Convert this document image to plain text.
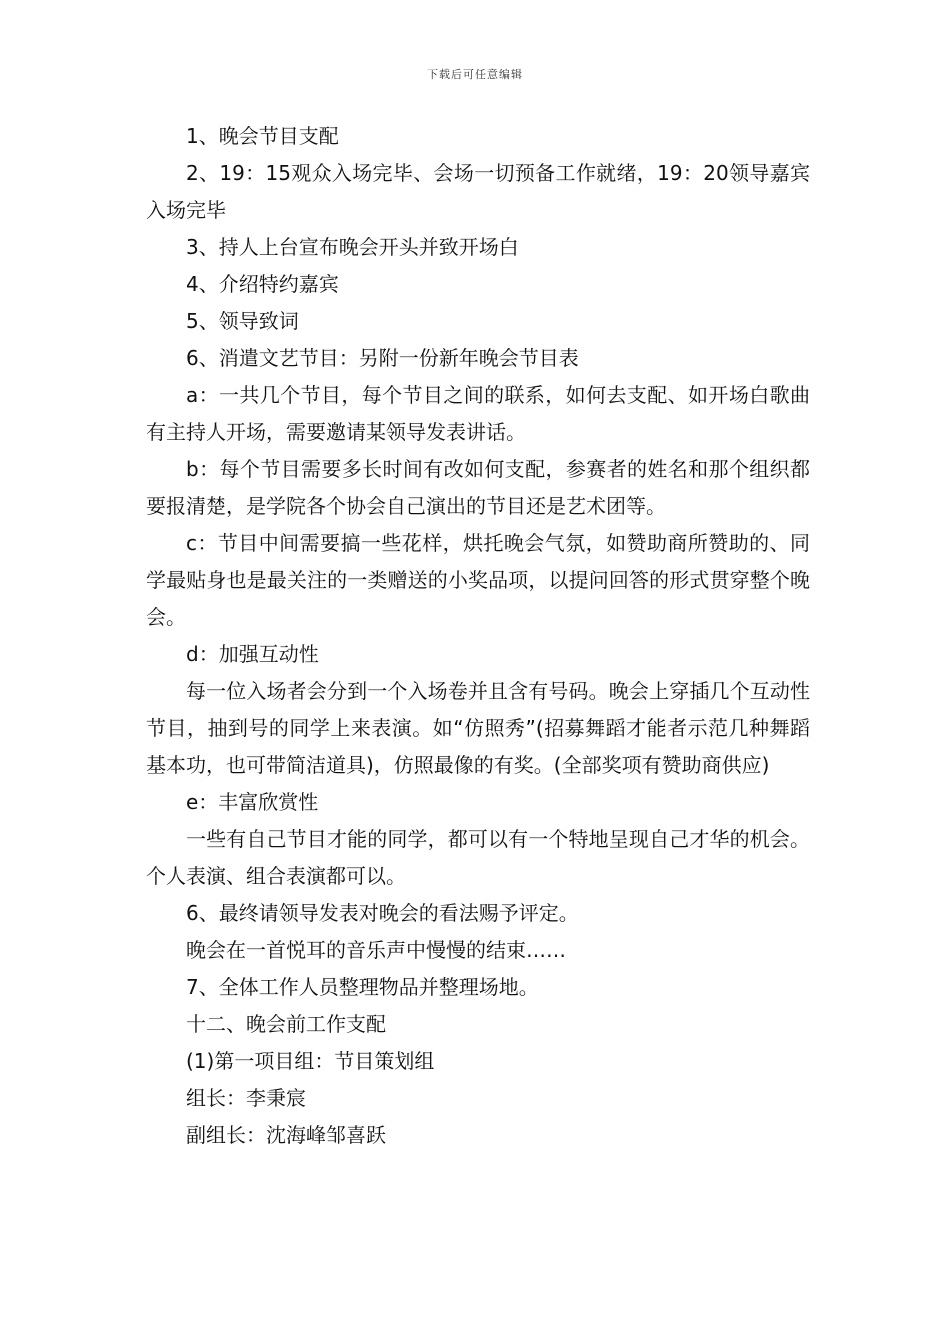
下载后可任意编辑

1、晚会节目支配

2、19：15观众入场完毕、会场一切预备工作就绪，19：20领导嘉宾入场完毕

3、持人上台宣布晚会开头并致开场白

4、介绍特约嘉宾

5、领导致词

6、消遣文艺节目：另附一份新年晚会节目表

a：一共几个节目，每个节目之间的联系，如何去支配、如开场白歌曲有主持人开场，需要邀请某领导发表讲话。

b：每个节目需要多长时间有改如何支配，参赛者的姓名和那个组织都要报清楚，是学院各个协会自己演出的节目还是艺术团等。

c：节目中间需要搞一些花样，烘托晚会气氛，如赞助商所赞助的、同学最贴身也是最关注的一类赠送的小奖品项，以提问回答的形式贯穿整个晚会。

d：加强互动性

每一位入场者会分到一个入场卷并且含有号码。晚会上穿插几个互动性节目，抽到号的同学上来表演。如“仿照秀”(招募舞蹈才能者示范几种舞蹈基本功，也可带简洁道具)，仿照最像的有奖。(全部奖项有赞助商供应)

e：丰富欣赏性

一些有自己节目才能的同学，都可以有一个特地呈现自己才华的机会。个人表演、组合表演都可以。

6、最终请领导发表对晚会的看法赐予评定。

晚会在一首悦耳的音乐声中慢慢的结束……

7、全体工作人员整理物品并整理场地。

十二、晚会前工作支配

(1)第一项目组：节目策划组

组长：李秉宸

副组长：沈海峰邹喜跃
